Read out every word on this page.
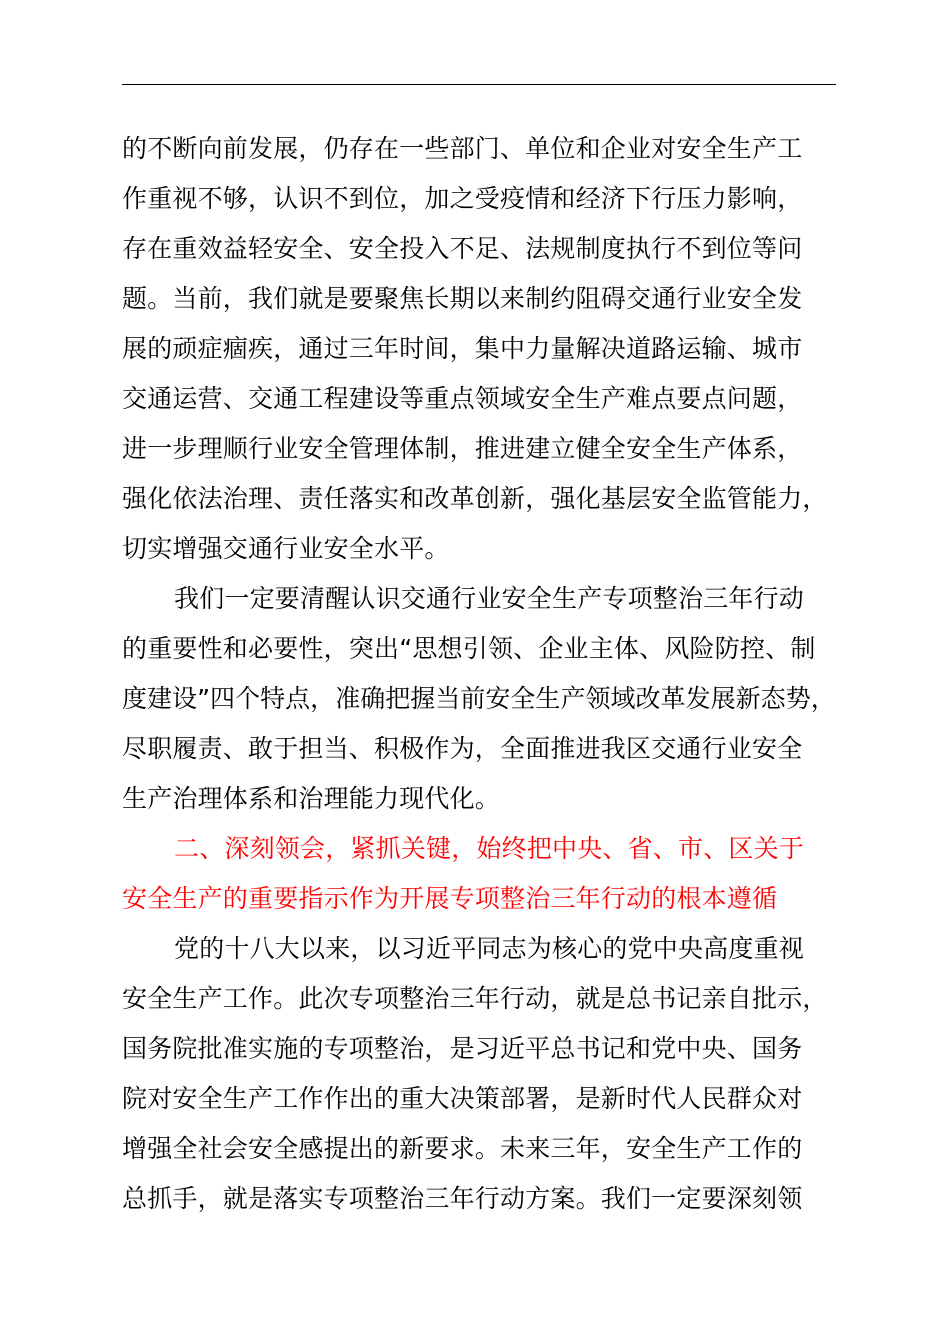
的不断向前发展，仍存在一些部门、单位和企业对安全生产工
作重视不够，认识不到位，加之受疫情和经济下行压力影响，
存在重效益轻安全、安全投入不足、法规制度执行不到位等问
题。当前，我们就是要聚焦长期以来制约阻碍交通行业安全发
展的顽症痼疾，通过三年时间，集中力量解决道路运输、城市
交通运营、交通工程建设等重点领域安全生产难点要点问题，
进一步理顺行业安全管理体制，推进建立健全安全生产体系，
强化依法治理、责任落实和改革创新，强化基层安全监管能力，
切实增强交通行业安全水平。
我们一定要清醒认识交通行业安全生产专项整治三年行动
的重要性和必要性，突出“思想引领、企业主体、风险防控、制
度建设”四个特点，准确把握当前安全生产领域改革发展新态势，
尽职履责、敢于担当、积极作为，全面推进我区交通行业安全
生产治理体系和治理能力现代化。
二、深刻领会，紧抓关键，始终把中央、省、市、区关于
安全生产的重要指示作为开展专项整治三年行动的根本遵循
党的十八大以来，以习近平同志为核心的党中央高度重视
安全生产工作。此次专项整治三年行动，就是总书记亲自批示，
国务院批准实施的专项整治，是习近平总书记和党中央、国务
院对安全生产工作作出的重大决策部署，是新时代人民群众对
增强全社会安全感提出的新要求。未来三年，安全生产工作的
总抓手，就是落实专项整治三年行动方案。我们一定要深刻领
